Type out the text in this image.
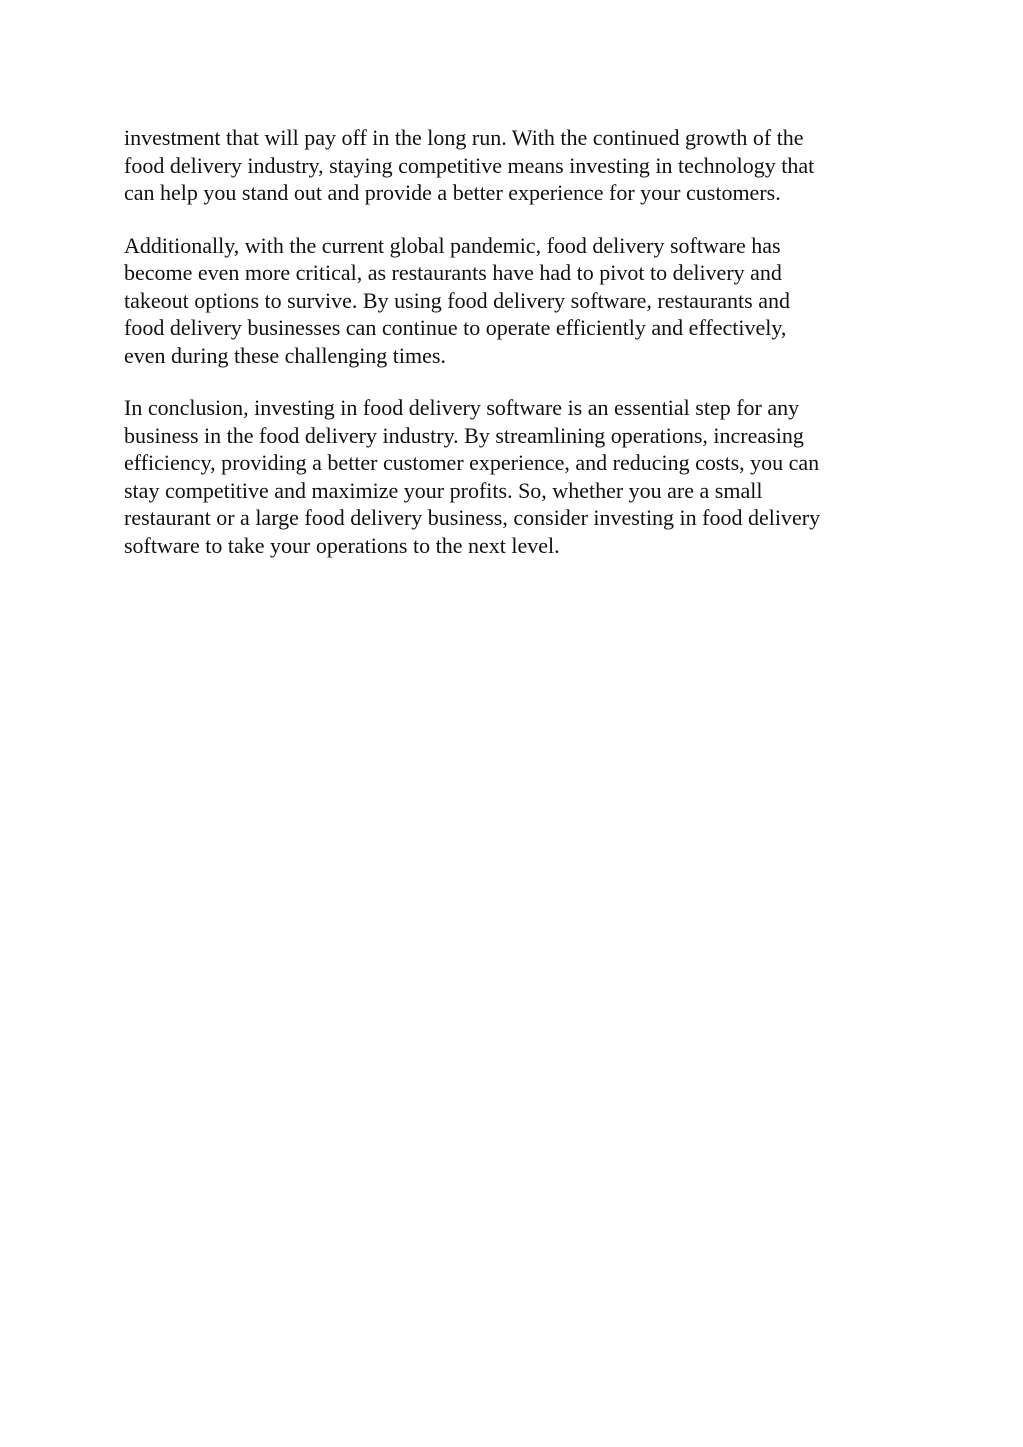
investment that will pay off in the long run. With the continued growth of the
food delivery industry, staying competitive means investing in technology that
can help you stand out and provide a better experience for your customers.

Additionally, with the current global pandemic, food delivery software has
become even more critical, as restaurants have had to pivot to delivery and
takeout options to survive. By using food delivery software, restaurants and
food delivery businesses can continue to operate efficiently and effectively,
even during these challenging times.

In conclusion, investing in food delivery software is an essential step for any
business in the food delivery industry. By streamlining operations, increasing
efficiency, providing a better customer experience, and reducing costs, you can
stay competitive and maximize your profits. So, whether you are a small
restaurant or a large food delivery business, consider investing in food delivery
software to take your operations to the next level.
